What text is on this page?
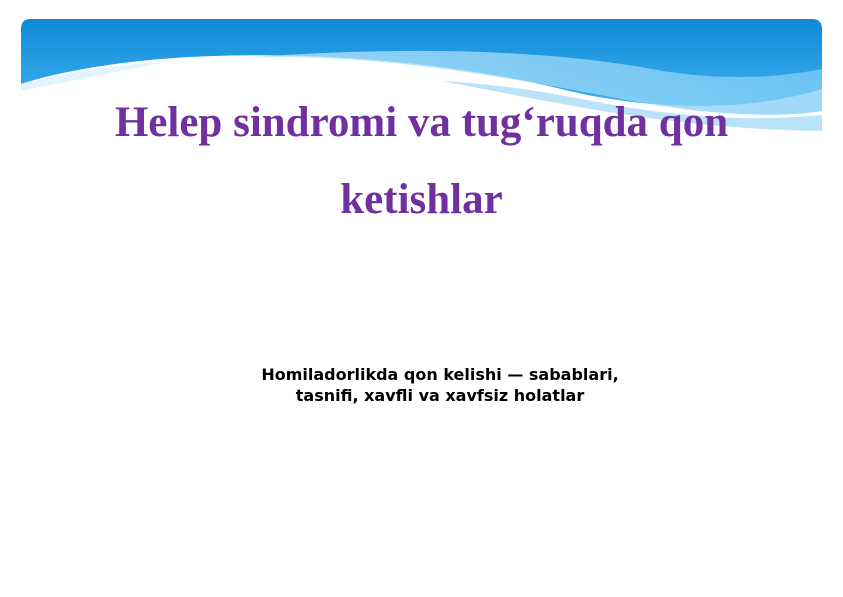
Helep sindromi va tug‘ruqda qon
ketishlar

Homiladorlikda qon kelishi — sabablari,
tasnifi, xavfli va xavfsiz holatlar
